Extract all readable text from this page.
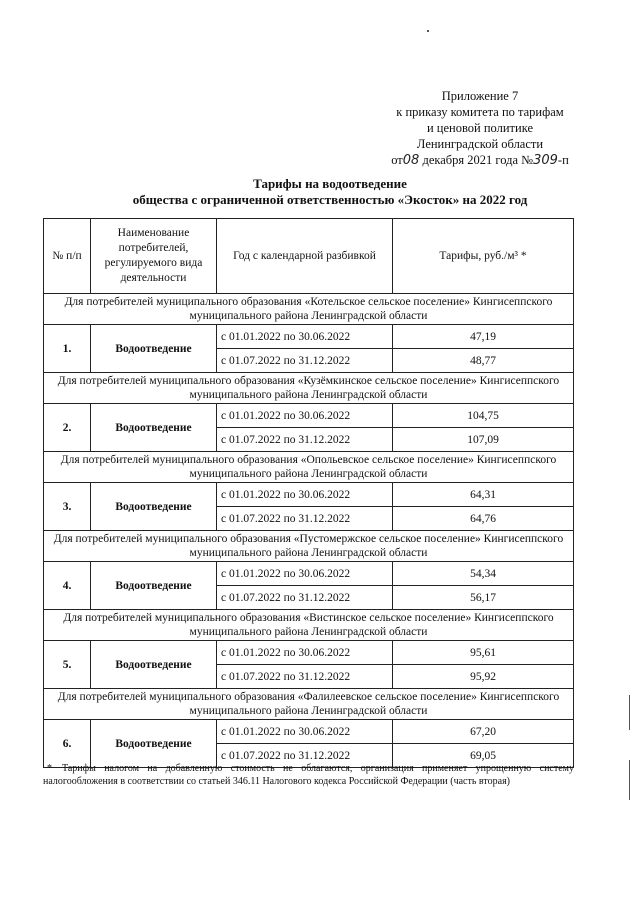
Приложение 7
к приказу комитета по тарифам
и ценовой политике
Ленинградской области
от08 декабря 2021 года №309-п
Тарифы на водоотведение
общества с ограниченной ответственностью «Экосток» на 2022 год
№ п/п	Наименование потребителей, регулируемого вида деятельности	Год с календарной разбивкой	Тарифы, руб./м³ *
Для потребителей муниципального образования «Котельское сельское поселение» Кингисеппского муниципального района Ленинградской области			
1.	Водоотведение	с 01.01.2022 по 30.06.2022	47,19
		с 01.07.2022 по 31.12.2022	48,77
Для потребителей муниципального образования «Кузёмкинское сельское поселение» Кингисеппского муниципального района Ленинградской области			
2.	Водоотведение	с 01.01.2022 по 30.06.2022	104,75
		с 01.07.2022 по 31.12.2022	107,09
Для потребителей муниципального образования «Опольевское сельское поселение» Кингисеппского муниципального района Ленинградской области			
3.	Водоотведение	с 01.01.2022 по 30.06.2022	64,31
		с 01.07.2022 по 31.12.2022	64,76
Для потребителей муниципального образования «Пустомержское сельское поселение» Кингисеппского муниципального района Ленинградской области			
4.	Водоотведение	с 01.01.2022 по 30.06.2022	54,34
		с 01.07.2022 по 31.12.2022	56,17
Для потребителей муниципального образования «Вистинское сельское поселение» Кингисеппского муниципального района Ленинградской области			
5.	Водоотведение	с 01.01.2022 по 30.06.2022	95,61
		с 01.07.2022 по 31.12.2022	95,92
Для потребителей муниципального образования «Фалилеевское сельское поселение» Кингисеппского муниципального района Ленинградской области			
6.	Водоотведение	с 01.01.2022 по 30.06.2022	67,20
		с 01.07.2022 по 31.12.2022	69,05
* Тарифы налогом на добавленную стоимость не облагаются, организация применяет упрощенную систему налогообложения в соответствии со статьей 346.11 Налогового кодекса Российской Федерации (часть вторая)
